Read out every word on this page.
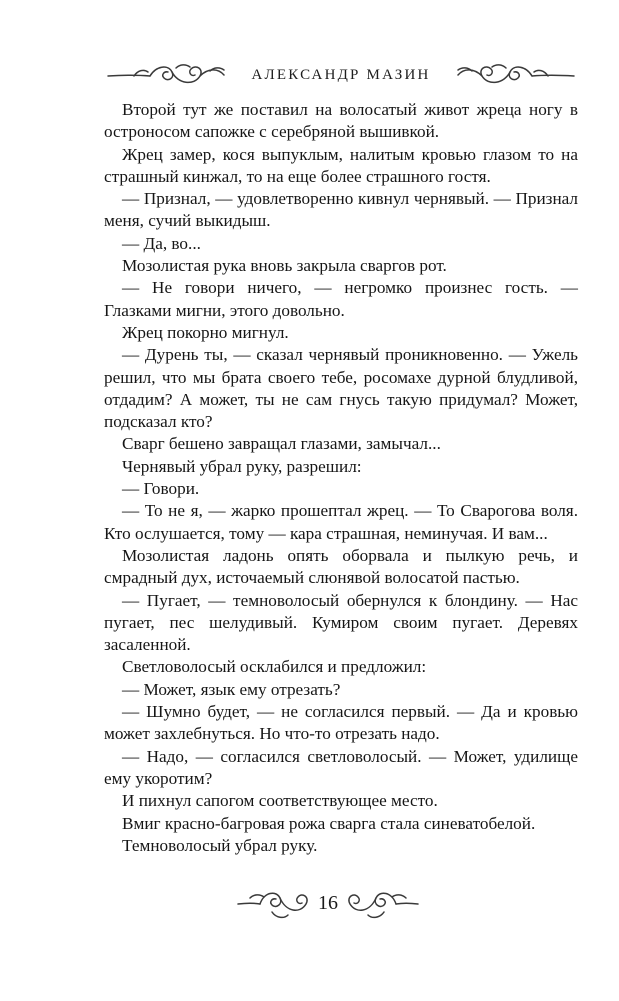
АЛЕКСАНДР МАЗИН

Второй тут же поставил на волосатый живот жреца ногу в остроносом сапожке с серебряной вышивкой.

Жрец замер, кося выпуклым, налитым кровью глазом то на страшный кинжал, то на еще более страшного гостя.

— Признал, — удовлетворенно кивнул чернявый. — Признал меня, сучий выкидыш.

— Да, во...

Мозолистая рука вновь закрыла сваргов рот.

— Не говори ничего, — негромко произнес гость. — Глазками мигни, этого довольно.

Жрец покорно мигнул.

— Дурень ты, — сказал чернявый проникновенно. — Ужель решил, что мы брата своего тебе, росомахе дурной блудливой, отдадим? А может, ты не сам гнусь такую придумал? Может, подсказал кто?

Сварг бешено завращал глазами, замычал...

Чернявый убрал руку, разрешил:

— Говори.

— То не я, — жарко прошептал жрец. — То Сварогова воля. Кто ослушается, тому — кара страшная, неминучая. И вам...

Мозолистая ладонь опять оборвала и пылкую речь, и смрадный дух, источаемый слюнявой волосатой пастью.

— Пугает, — темноволосый обернулся к блондину. — Нас пугает, пес шелудивый. Кумиром своим пугает. Деревях засаленной.

Светловолосый осклабился и предложил:

— Может, язык ему отрезать?

— Шумно будет, — не согласился первый. — Да и кровью может захлебнуться. Но что-то отрезать надо.

— Надо, — согласился светловолосый. — Может, удилище ему укоротим?

И пихнул сапогом соответствующее место.

Вмиг красно-багровая рожа сварга стала синеватобелой.

Темноволосый убрал руку.

16
